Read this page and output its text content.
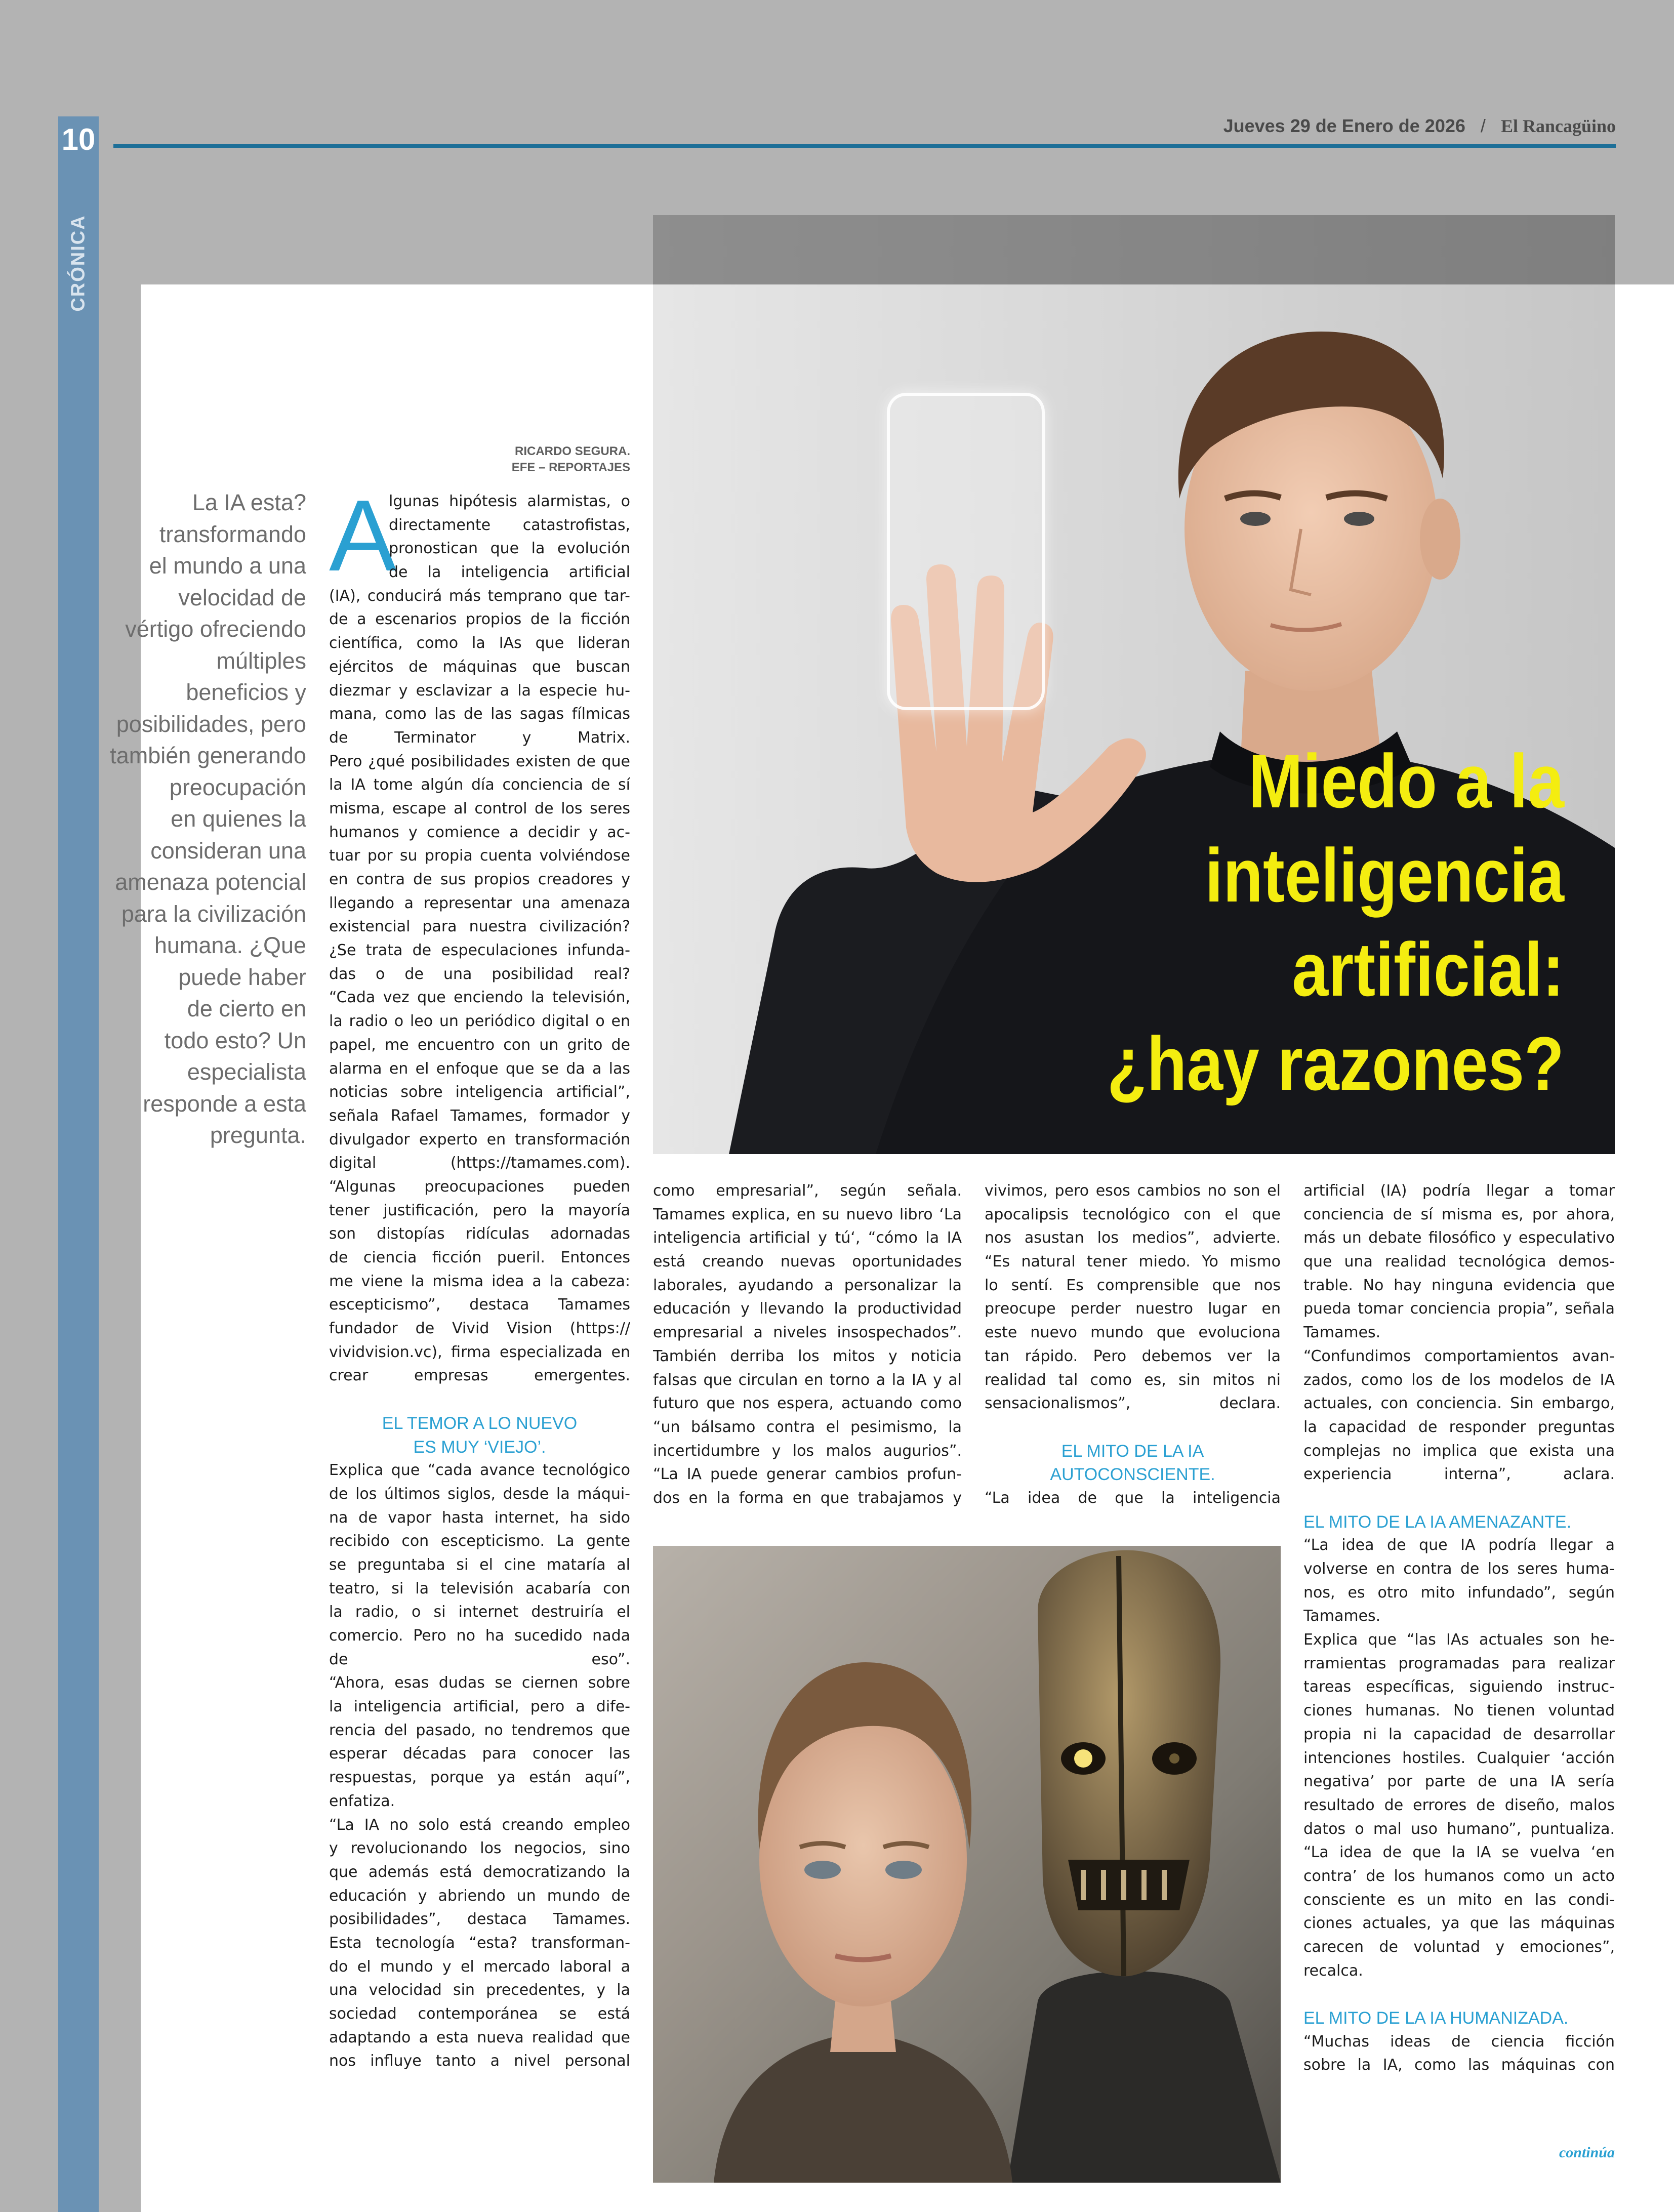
10
CRÓNICA
Jueves 29 de Enero de 2026 / El Rancagüino
Miedo a la
inteligencia
artificial:
¿hay razones?

La IA esta?

transformando

el mundo a una

velocidad de

vértigo ofreciendo

múltiples

beneficios y

posibilidades, pero

también generando

preocupación

en quienes la

consideran una

amenaza potencial

para la civilización

humana. ¿Que

puede haber

de cierto en

todo esto? Un

especialista

responde a esta

pregunta.

RICARDO SEGURA.
EFE – REPORTAJES
A
lgunas hipótesis alarmistas, o
directamente catastrofistas,
pronostican que la evolución
de la inteligencia artificial
(IA), conducirá más temprano que tar-
de a escenarios propios de la ficción
científica, como la IAs que lideran
ejércitos de máquinas que buscan
diezmar y esclavizar a la especie hu-
mana, como las de las sagas fílmicas
de Terminator y Matrix.
Pero ¿qué posibilidades existen de que
la IA tome algún día conciencia de sí
misma, escape al control de los seres
humanos y comience a decidir y ac-
tuar por su propia cuenta volviéndose
en contra de sus propios creadores y
llegando a representar una amenaza
existencial para nuestra civilización?
¿Se trata de especulaciones infunda-
das o de una posibilidad real?
“Cada vez que enciendo la televisión,
la radio o leo un periódico digital o en
papel, me encuentro con un grito de
alarma en el enfoque que se da a las
noticias sobre inteligencia artificial”,
señala Rafael Tamames, formador y
divulgador experto en transformación
digital (https://tamames.com).
“Algunas preocupaciones pueden
tener justificación, pero la mayoría
son distopías ridículas adornadas
de ciencia ficción pueril. Entonces
me viene la misma idea a la cabeza:
escepticismo”, destaca Tamames
fundador de Vivid Vision (https://
vividvision.vc), firma especializada en
crear empresas emergentes.
EL TEMOR A LO NUEVO
ES MUY ‘VIEJO’.
Explica que “cada avance tecnológico
de los últimos siglos, desde la máqui-
na de vapor hasta internet, ha sido
recibido con escepticismo. La gente
se preguntaba si el cine mataría al
teatro, si la televisión acabaría con
la radio, o si internet destruiría el
comercio. Pero no ha sucedido nada
de eso”.
“Ahora, esas dudas se ciernen sobre
la inteligencia artificial, pero a dife-
rencia del pasado, no tendremos que
esperar décadas para conocer las
respuestas, porque ya están aquí”,
enfatiza.
“La IA no solo está creando empleo
y revolucionando los negocios, sino
que además está democratizando la
educación y abriendo un mundo de
posibilidades”, destaca Tamames.
Esta tecnología “esta? transforman-
do el mundo y el mercado laboral a
una velocidad sin precedentes, y la
sociedad contemporánea se está
adaptando a esta nueva realidad que
nos influye tanto a nivel personal
como empresarial”, según señala.
Tamames explica, en su nuevo libro ‘La
inteligencia artificial y tú‘, “cómo la IA
está creando nuevas oportunidades
laborales, ayudando a personalizar la
educación y llevando la productividad
empresarial a niveles insospechados”.
También derriba los mitos y noticia
falsas que circulan en torno a la IA y al
futuro que nos espera, actuando como
“un bálsamo contra el pesimismo, la
incertidumbre y los malos augurios”.
“La IA puede generar cambios profun-
dos en la forma en que trabajamos y
vivimos, pero esos cambios no son el
apocalipsis tecnológico con el que
nos asustan los medios”, advierte.
“Es natural tener miedo. Yo mismo
lo sentí. Es comprensible que nos
preocupe perder nuestro lugar en
este nuevo mundo que evoluciona
tan rápido. Pero debemos ver la
realidad tal como es, sin mitos ni
sensacionalismos”, declara.
EL MITO DE LA IA
AUTOCONSCIENTE.
“La idea de que la inteligencia
artificial (IA) podría llegar a tomar
conciencia de sí misma es, por ahora,
más un debate filosófico y especulativo
que una realidad tecnológica demos-
trable. No hay ninguna evidencia que
pueda tomar conciencia propia”, señala
Tamames.
“Confundimos comportamientos avan-
zados, como los de los modelos de IA
actuales, con conciencia. Sin embargo,
la capacidad de responder preguntas
complejas no implica que exista una
experiencia interna”, aclara.
EL MITO DE LA IA AMENAZANTE.
“La idea de que IA podría llegar a
volverse en contra de los seres huma-
nos, es otro mito infundado”, según
Tamames.
Explica que “las IAs actuales son he-
rramientas programadas para realizar
tareas específicas, siguiendo instruc-
ciones humanas. No tienen voluntad
propia ni la capacidad de desarrollar
intenciones hostiles. Cualquier ‘acción
negativa’ por parte de una IA sería
resultado de errores de diseño, malos
datos o mal uso humano”, puntualiza.
“La idea de que la IA se vuelva ‘en
contra’ de los humanos como un acto
consciente es un mito en las condi-
ciones actuales, ya que las máquinas
carecen de voluntad y emociones”,
recalca.
EL MITO DE LA IA HUMANIZADA.
“Muchas ideas de ciencia ficción
sobre la IA, como las máquinas con
continúa
